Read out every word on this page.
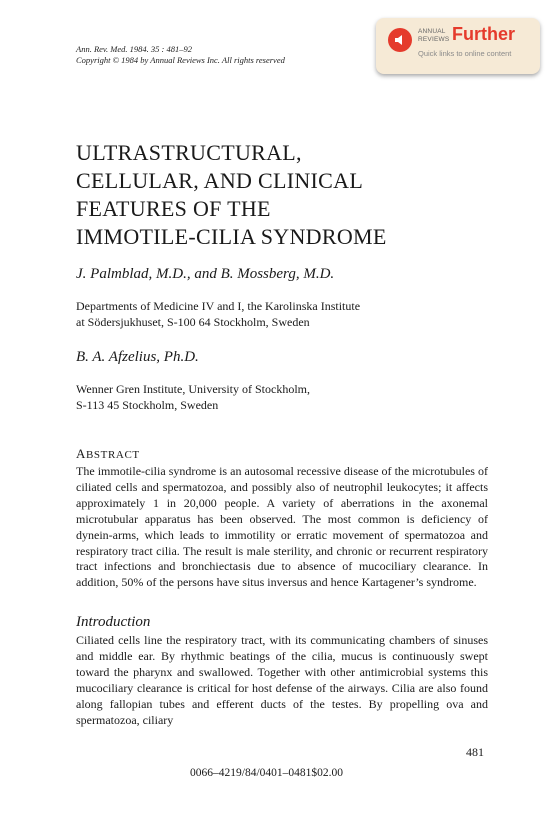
Ann. Rev. Med. 1984. 35 : 481–92
Copyright © 1984 by Annual Reviews Inc. All rights reserved
ANNUAL
REVIEWS Further
Quick links to online content
ULTRASTRUCTURAL,
CELLULAR, AND CLINICAL
FEATURES OF THE
IMMOTILE-CILIA SYNDROME
J. Palmblad, M.D., and B. Mossberg, M.D.
Departments of Medicine IV and I, the Karolinska Institute
at Södersjukhuset, S-100 64 Stockholm, Sweden
B. A. Afzelius, Ph.D.
Wenner Gren Institute, University of Stockholm,
S-113 45 Stockholm, Sweden
ABSTRACT
The immotile-cilia syndrome is an autosomal recessive disease of the microtubules of ciliated cells and spermatozoa, and possibly also of neutrophil leukocytes; it affects approximately 1 in 20,000 people. A variety of aberrations in the axonemal microtubular apparatus has been observed. The most common is deficiency of dynein-arms, which leads to immotility or erratic movement of spermatozoa and respiratory tract cilia. The result is male sterility, and chronic or recurrent respiratory tract infections and bronchiectasis due to absence of mucociliary clearance. In addition, 50% of the persons have situs inversus and hence Kartagener’s syndrome.
Introduction
Ciliated cells line the respiratory tract, with its communicating chambers of sinuses and middle ear. By rhythmic beatings of the cilia, mucus is continuously swept toward the pharynx and swallowed. Together with other antimicrobial systems this mucociliary clearance is critical for host defense of the airways. Cilia are also found along fallopian tubes and efferent ducts of the testes. By propelling ova and spermatozoa, ciliary
481
0066–4219/84/0401–0481$02.00
